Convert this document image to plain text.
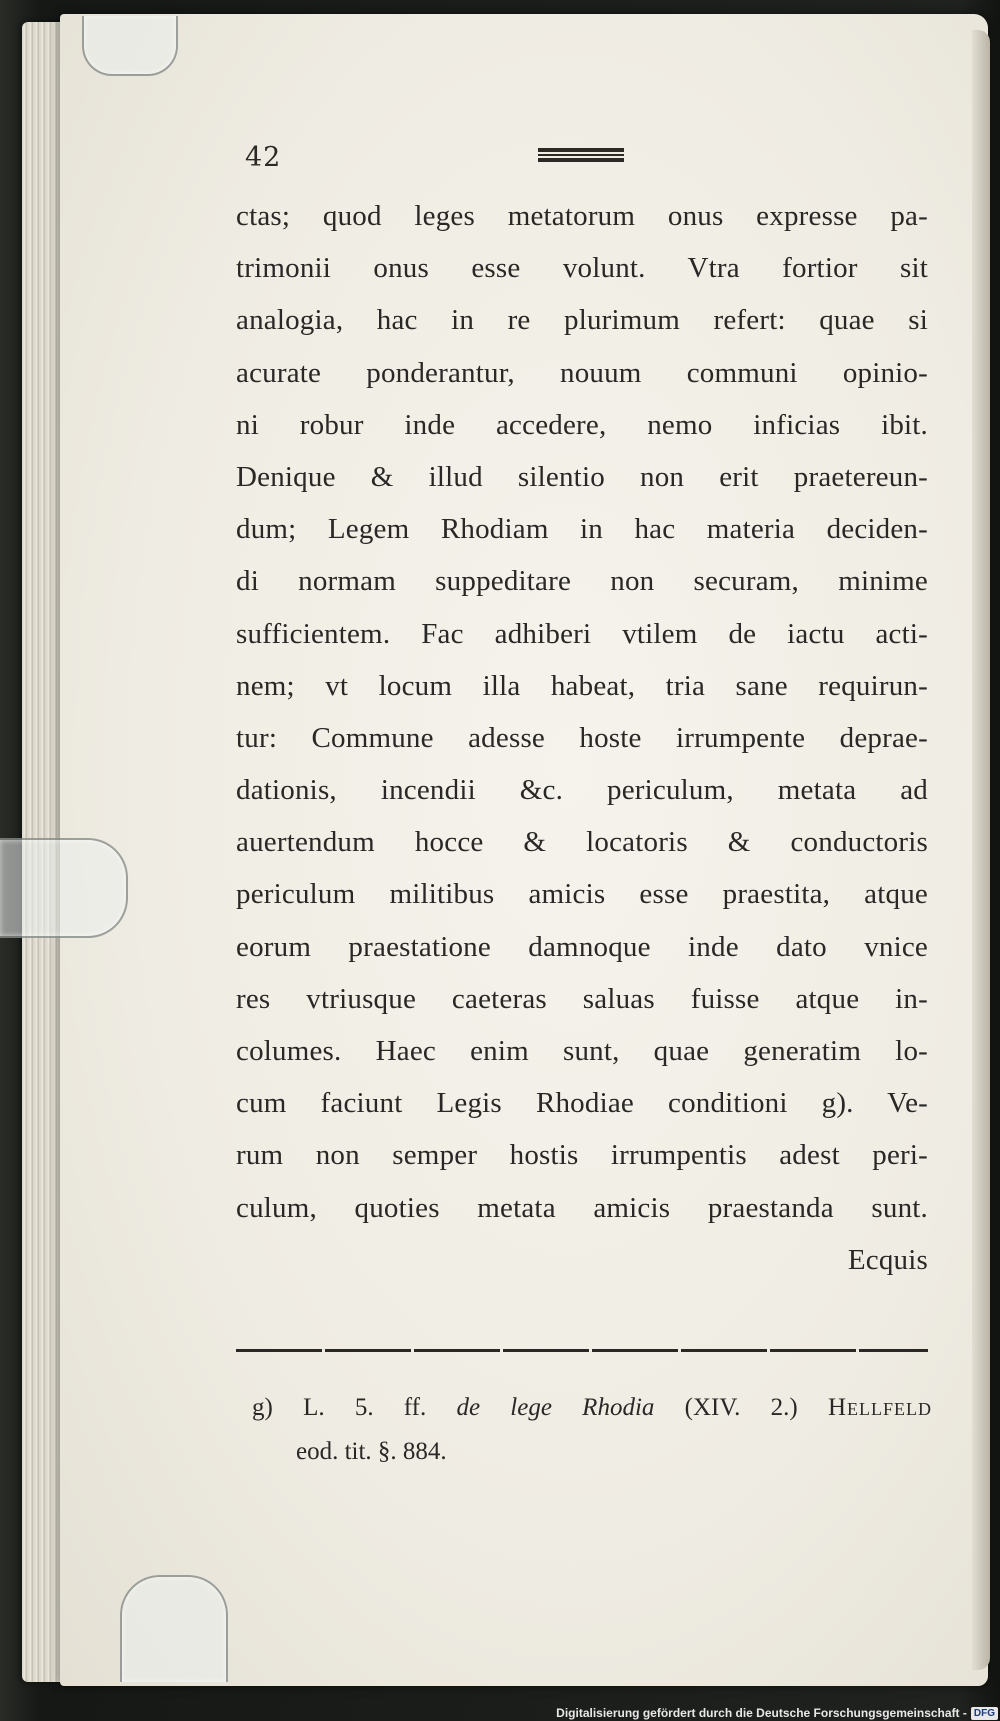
42
ctas; quod leges metatorum onus expresse pa-
trimonii onus esse volunt. Vtra fortior sit
analogia, hac in re plurimum refert: quae si
acurate ponderantur, nouum communi opinio-
ni robur inde accedere, nemo inficias ibit.
Denique & illud silentio non erit praetereun-
dum; Legem Rhodiam in hac materia deciden-
di normam suppeditare non securam, minime
sufficientem. Fac adhiberi vtilem de iactu acti-
nem; vt locum illa habeat, tria sane requirun-
tur: Commune adesse hoste irrumpente deprae-
dationis, incendii &c. periculum, metata ad
auertendum hocce & locatoris & conductoris
periculum militibus amicis esse praestita, atque
eorum praestatione damnoque inde dato vnice
res vtriusque caeteras saluas fuisse atque in-
columes. Haec enim sunt, quae generatim lo-
cum faciunt Legis Rhodiae conditioni g). Ve-
rum non semper hostis irrumpentis adest peri-
culum, quoties metata amicis praestanda sunt.
Ecquis
g) L. 5. ff. de lege Rhodia (XIV. 2.) Hellfeld
eod. tit. §. 884.
Digitalisierung gefördert durch die Deutsche Forschungsgemeinschaft - DFG
